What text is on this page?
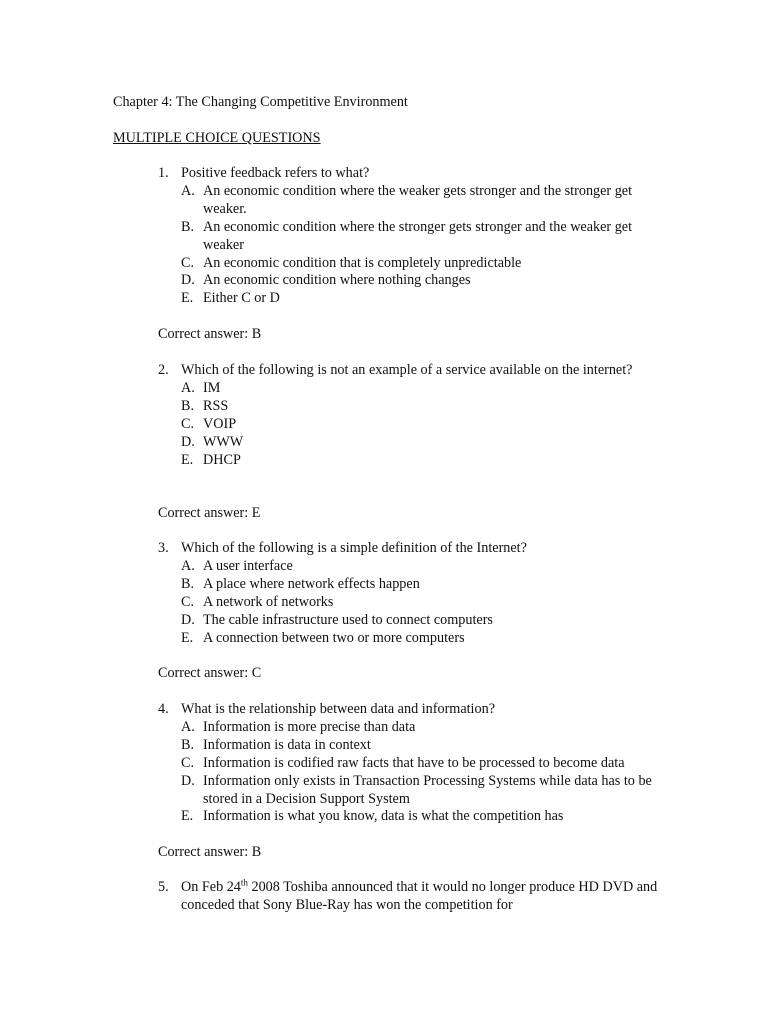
Chapter 4: The Changing Competitive Environment
MULTIPLE CHOICE QUESTIONS
1. Positive feedback refers to what?
A. An economic condition where the weaker gets stronger and the stronger get weaker.
B. An economic condition where the stronger gets stronger and the weaker get weaker
C. An economic condition that is completely unpredictable
D. An economic condition where nothing changes
E. Either C or D
Correct answer: B
2. Which of the following is not an example of a service available on the internet?
A. IM
B. RSS
C. VOIP
D. WWW
E. DHCP
Correct answer: E
3. Which of the following is a simple definition of the Internet?
A. A user interface
B. A place where network effects happen
C. A network of networks
D. The cable infrastructure used to connect computers
E. A connection between two or more computers
Correct answer: C
4. What is the relationship between data and information?
A. Information is more precise than data
B. Information is data in context
C. Information is codified raw facts that have to be processed to become data
D. Information only exists in Transaction Processing Systems while data has to be stored in a Decision Support System
E. Information is what you know, data is what the competition has
Correct answer: B
5. On Feb 24th 2008 Toshiba announced that it would no longer produce HD DVD and conceded that Sony Blue-Ray has won the competition for
